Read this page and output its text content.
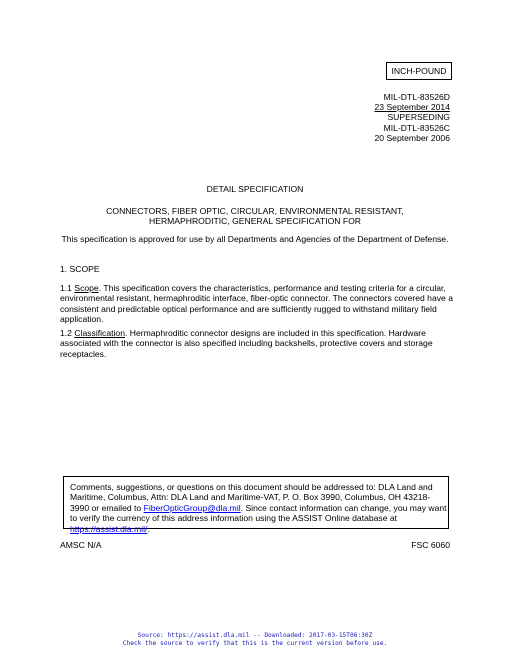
INCH-POUND
MIL-DTL-83526D
23 September 2014
SUPERSEDING
MIL-DTL-83526C
20 September 2006
DETAIL SPECIFICATION
CONNECTORS, FIBER OPTIC, CIRCULAR, ENVIRONMENTAL RESISTANT,
HERMAPHRODITIC, GENERAL SPECIFICATION FOR
This specification is approved for use by all Departments and Agencies of the Department of Defense.
1. SCOPE
1.1 Scope. This specification covers the characteristics, performance and testing criteria for a circular, environmental resistant, hermaphroditic interface, fiber-optic connector. The connectors covered have a consistent and predictable optical performance and are sufficiently rugged to withstand military field application.
1.2 Classification. Hermaphroditic connector designs are included in this specification. Hardware associated with the connector is also specified including backshells, protective covers and storage receptacles.
Comments, suggestions, or questions on this document should be addressed to: DLA Land and Maritime, Columbus, Attn: DLA Land and Maritime-VAT, P. O. Box 3990, Columbus, OH 43218-3990 or emailed to FiberOpticGroup@dla.mil. Since contact information can change, you may want to verify the currency of this address information using the ASSIST Online database at https://assist.dla.mil/.
AMSC N/A	FSC 6060
Source: https://assist.dla.mil -- Downloaded: 2017-03-15T06:30Z
Check the source to verify that this is the current version before use.
